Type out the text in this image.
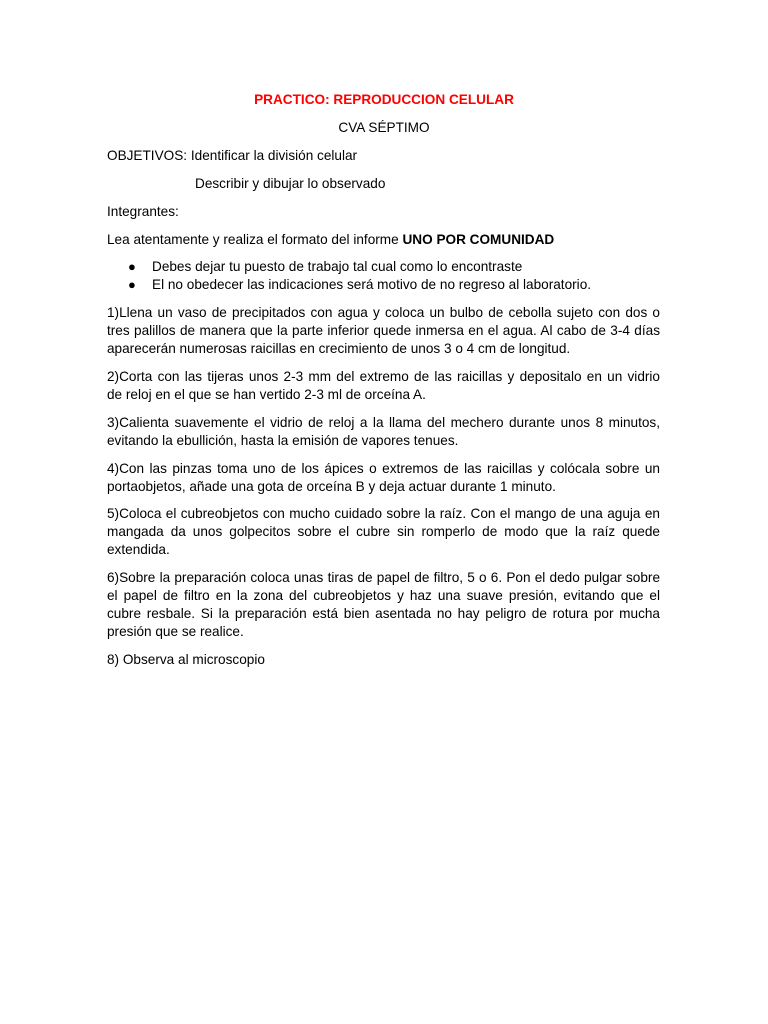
PRACTICO: REPRODUCCION CELULAR
CVA SÉPTIMO
OBJETIVOS: Identificar la división celular
Describir y dibujar lo observado
Integrantes:
Lea atentamente y realiza el formato del informe UNO POR COMUNIDAD
● Debes dejar tu puesto de trabajo tal cual como lo encontraste
● El no obedecer las indicaciones será motivo de no regreso al laboratorio.
1)Llena un vaso de precipitados con agua y coloca un bulbo de cebolla sujeto con dos o
tres palillos de manera que la parte inferior quede inmersa en el agua. Al cabo de 3-4 días
aparecerán numerosas raicillas en crecimiento de unos 3 o 4 cm de longitud.
2)Corta con las tijeras unos 2-3 mm del extremo de las raicillas y depositalo en un vidrio
de reloj en el que se han vertido 2-3 ml de orceína A.
3)Calienta suavemente el vidrio de reloj a la llama del mechero durante unos 8 minutos,
evitando la ebullición, hasta la emisión de vapores tenues.
4)Con las pinzas toma uno de los ápices o extremos de las raicillas y colócala sobre un
portaobjetos, añade una gota de orceína B y deja actuar durante 1 minuto.
5)Coloca el cubreobjetos con mucho cuidado sobre la raíz. Con el mango de una aguja en
mangada da unos golpecitos sobre el cubre sin romperlo de modo que la raíz quede
extendida.
6)Sobre la preparación coloca unas tiras de papel de filtro, 5 o 6. Pon el dedo pulgar sobre
el papel de filtro en la zona del cubreobjetos y haz una suave presión, evitando que el
cubre resbale. Si la preparación está bien asentada no hay peligro de rotura por mucha
presión que se realice.
8) Observa al microscopio
